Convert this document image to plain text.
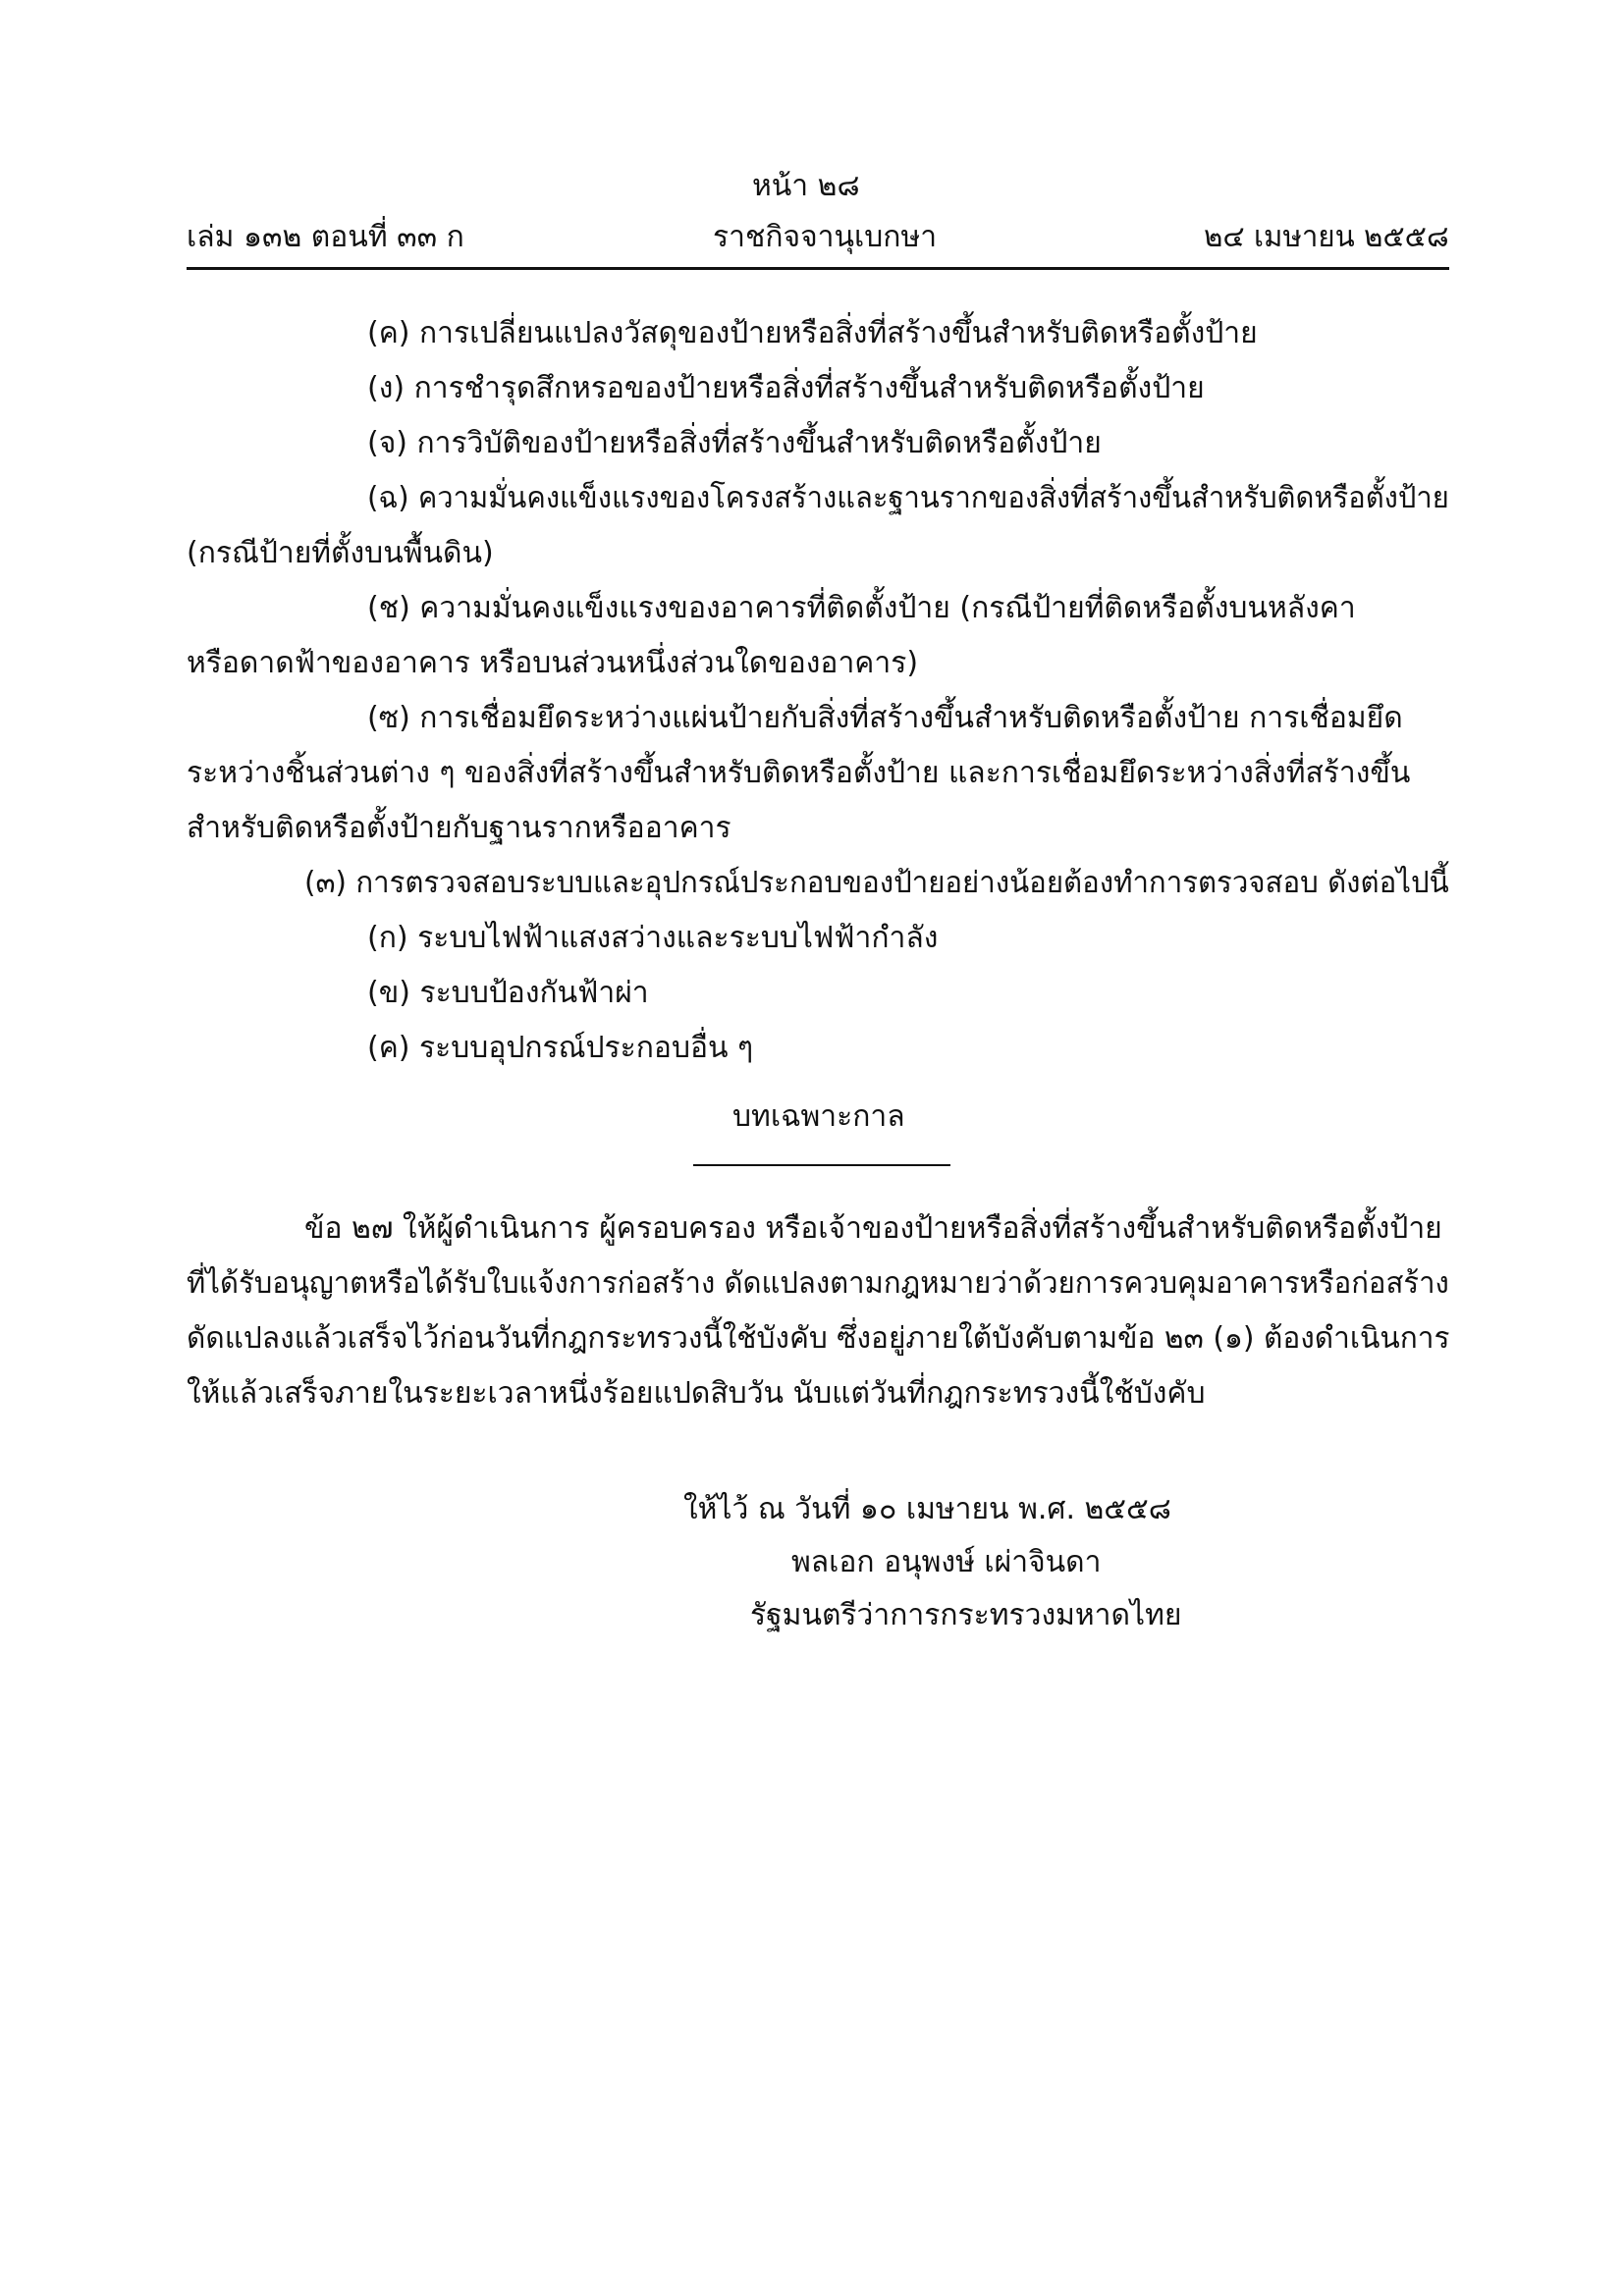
หน้า ๒๘
เล่ม ๑๓๒ ตอนที่ ๓๓ ก	ราชกิจจานุเบกษา	๒๔ เมษายน ๒๕๕๘
(ค) การเปลี่ยนแปลงวัสดุของป้ายหรือสิ่งที่สร้างขึ้นสำหรับติดหรือตั้งป้าย
(ง) การชำรุดสึกหรอของป้ายหรือสิ่งที่สร้างขึ้นสำหรับติดหรือตั้งป้าย
(จ) การวิบัติของป้ายหรือสิ่งที่สร้างขึ้นสำหรับติดหรือตั้งป้าย
(ฉ) ความมั่นคงแข็งแรงของโครงสร้างและฐานรากของสิ่งที่สร้างขึ้นสำหรับติดหรือตั้งป้าย
(กรณีป้ายที่ตั้งบนพื้นดิน)
(ช) ความมั่นคงแข็งแรงของอาคารที่ติดตั้งป้าย (กรณีป้ายที่ติดหรือตั้งบนหลังคา
หรือดาดฟ้าของอาคาร หรือบนส่วนหนึ่งส่วนใดของอาคาร)
(ซ) การเชื่อมยึดระหว่างแผ่นป้ายกับสิ่งที่สร้างขึ้นสำหรับติดหรือตั้งป้าย การเชื่อมยึด
ระหว่างชิ้นส่วนต่าง ๆ ของสิ่งที่สร้างขึ้นสำหรับติดหรือตั้งป้าย และการเชื่อมยึดระหว่างสิ่งที่สร้างขึ้น
สำหรับติดหรือตั้งป้ายกับฐานรากหรืออาคาร
(๓) การตรวจสอบระบบและอุปกรณ์ประกอบของป้ายอย่างน้อยต้องทำการตรวจสอบ ดังต่อไปนี้
(ก) ระบบไฟฟ้าแสงสว่างและระบบไฟฟ้ากำลัง
(ข) ระบบป้องกันฟ้าผ่า
(ค) ระบบอุปกรณ์ประกอบอื่น ๆ
บทเฉพาะกาล
ข้อ ๒๗ ให้ผู้ดำเนินการ ผู้ครอบครอง หรือเจ้าของป้ายหรือสิ่งที่สร้างขึ้นสำหรับติดหรือตั้งป้าย
ที่ได้รับอนุญาตหรือได้รับใบแจ้งการก่อสร้าง ดัดแปลงตามกฎหมายว่าด้วยการควบคุมอาคารหรือก่อสร้าง
ดัดแปลงแล้วเสร็จไว้ก่อนวันที่กฎกระทรวงนี้ใช้บังคับ ซึ่งอยู่ภายใต้บังคับตามข้อ ๒๓ (๑) ต้องดำเนินการ
ให้แล้วเสร็จภายในระยะเวลาหนึ่งร้อยแปดสิบวัน นับแต่วันที่กฎกระทรวงนี้ใช้บังคับ
ให้ไว้ ณ วันที่ ๑๐ เมษายน พ.ศ. ๒๕๕๘
พลเอก อนุพงษ์ เผ่าจินดา
รัฐมนตรีว่าการกระทรวงมหาดไทย
